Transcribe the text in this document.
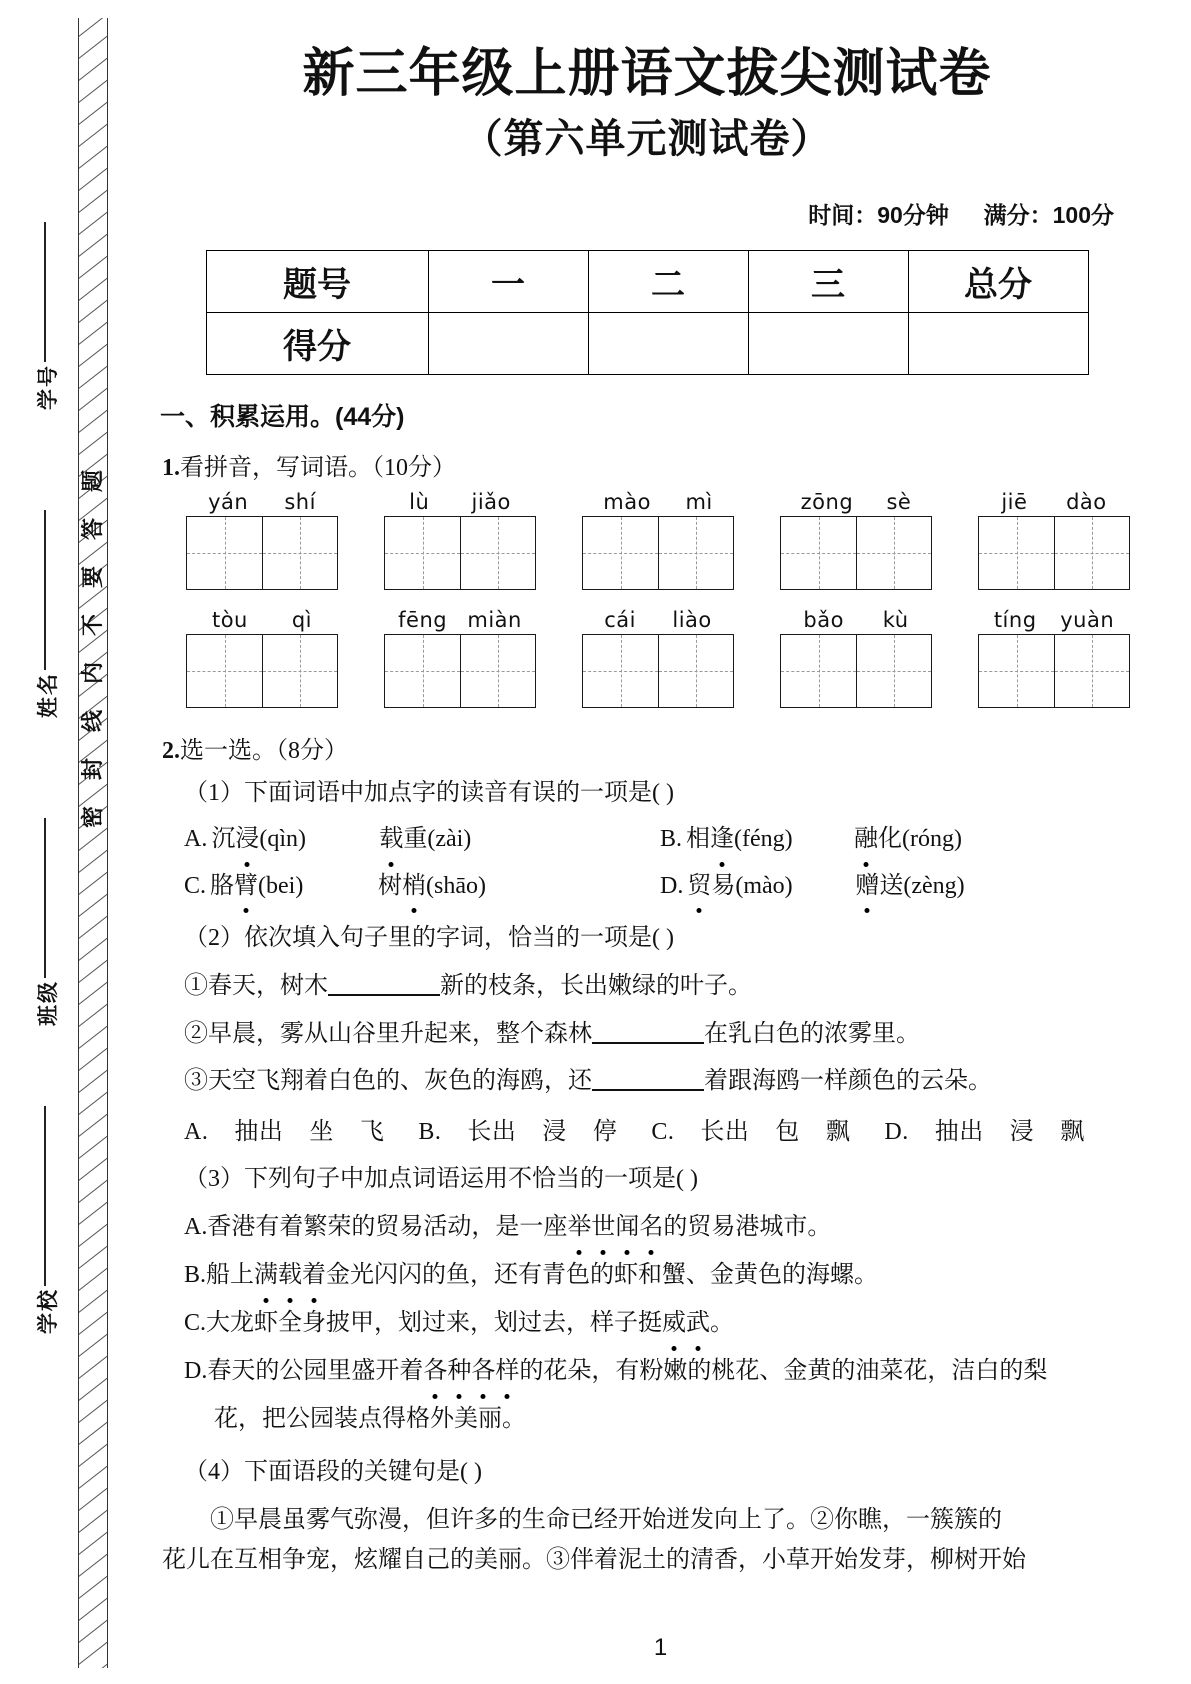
题
答
要
不
内
线
封
密
学号
姓名
班级
学校
新三年级上册语文拔尖测试卷
（第六单元测试卷）
时间：90分钟 满分：100分
题号	一	二	三	总分
得分				
一、积累运用。(44分)
1.看拼音，写词语。（10分）
yán shí	lù jiǎo	mào mì	zōng sè	jiē dào
tòu qì	fēng miàn	cái liào	bǎo kù	tíng yuàn
2.选一选。（8分）
（1）下面词语中加点字的读音有误的一项是( )
A. 沉浸(qìn)	载重(zài)	B. 相逢(féng)	融化(róng)
C. 胳臂(bei)	树梢(shāo)	D. 贸易(mào)	赠送(zèng)
（2）依次填入句子里的字词，恰当的一项是( )
①春天，树木	新的枝条，长出嫩绿的叶子。
②早晨，雾从山谷里升起来，整个森林	在乳白色的浓雾里。
③天空飞翔着白色的、灰色的海鸥，还	着跟海鸥一样颜色的云朵。
A. 抽出 坐 飞 B. 长出 浸 停 C. 长出 包 飘 D. 抽出 浸 飘
（3）下列句子中加点词语运用不恰当的一项是( )
A.香港有着繁荣的贸易活动，是一座举世闻名的贸易港城市。
B.船上满载着金光闪闪的鱼，还有青色的虾和蟹、金黄色的海螺。
C.大龙虾全身披甲，划过来，划过去，样子挺威武。
D.春天的公园里盛开着各种各样的花朵，有粉嫩的桃花、金黄的油菜花，洁白的梨
花，把公园装点得格外美丽。
（4）下面语段的关键句是( )
①早晨虽雾气弥漫，但许多的生命已经开始迸发向上了。②你瞧，一簇簇的
花儿在互相争宠，炫耀自己的美丽。③伴着泥土的清香，小草开始发芽，柳树开始
1
